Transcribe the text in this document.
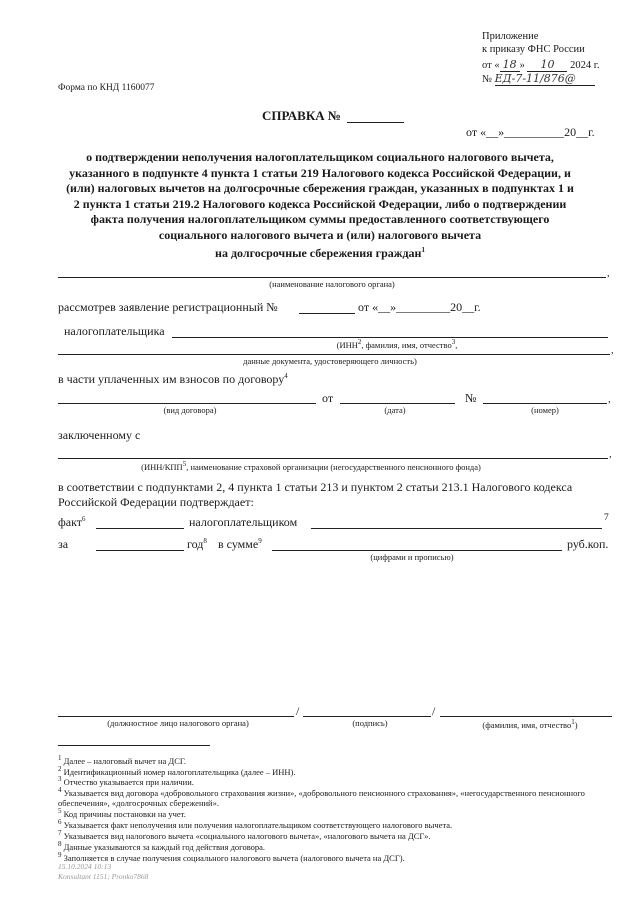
Приложение
к приказу ФНС России
от « 18 » 10 2024 г.
№ ЕД-7-11/876@
Форма по КНД 1160077
СПРАВКА №
от «__»__________20__г.
о подтверждении неполучения налогоплательщиком социального налогового вычета,
указанного в подпункте 4 пункта 1 статьи 219 Налогового кодекса Российской Федерации, и
(или) налоговых вычетов на долгосрочные сбережения граждан, указанных в подпунктах 1 и
2 пункта 1 статьи 219.2 Налогового кодекса Российской Федерации, либо о подтверждении
факта получения налогоплательщиком суммы предоставленного соответствующего
социального налогового вычета и (или) налогового вычета
на долгосрочные сбережения граждан$^1$
,
(наименование налогового органа)
рассмотрев заявление регистрационный №	от «__»_________20__г.
налогоплательщика
(ИНН$^2$, фамилия, имя, отчество$^3$,
,
данные документа, удостоверяющего личность)
в части уплаченных им взносов по договору$^4$
от	№	,
(вид договора)	(дата)	(номер)
заключенному с
,
(ИНН/КПП$^5$, наименование страховой организации (негосударственного пенсионного фонда)
в соответствии с подпунктами 2, 4 пункта 1 статьи 213 и пунктом 2 статьи 213.1 Налогового кодекса
Российской Федерации подтверждает:
факт$^6$	налогоплательщиком	7
за	год$^8$ в сумме$^9$	руб.коп.
(цифрами и прописью)
/	/
(должностное лицо налогового органа)	(подпись)	(фамилия, имя, отчество$^1$)
$^1$ Далее – налоговый вычет на ДСГ.
$^2$ Идентификационный номер налогоплательщика (далее – ИНН).
$^3$ Отчество указывается при наличии.
$^4$ Указывается вид договора «добровольного страхования жизни», «добровольного пенсионного страхования», «негосударственного пенсионного обеспечения», «долгосрочных сбережений».
$^5$ Код причины постановки на учет.
$^6$ Указывается факт неполучения или получения налогоплательщиком соответствующего налогового вычета.
$^7$ Указывается вид налогового вычета «социального налогового вычета», «налогового вычета на ДСГ».
$^8$ Данные указываются за каждый год действия договора.
$^9$ Заполняется в случае получения социального налогового вычета (налогового вычета на ДСГ).
15.10.2024 10:13
Konsultant 1151; Pronko7868
